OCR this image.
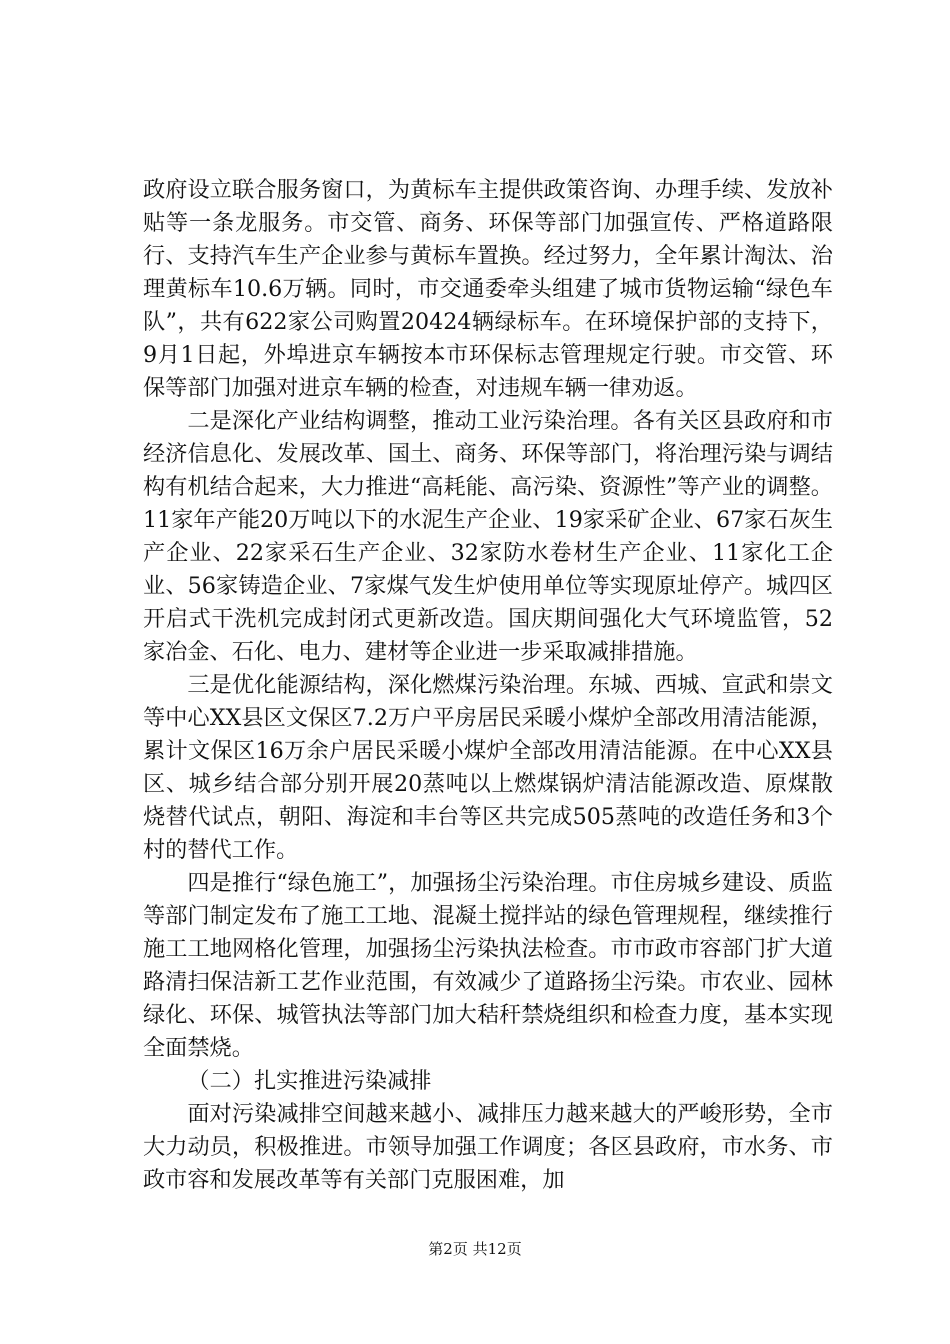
政府设立联合服务窗口，为黄标车主提供政策咨询、办理手续、发放补贴等一条龙服务。市交管、商务、环保等部门加强宣传、严格道路限行、支持汽车生产企业参与黄标车置换。经过努力，全年累计淘汰、治理黄标车10.6万辆。同时，市交通委牵头组建了城市货物运输“绿色车队”，共有622家公司购置20424辆绿标车。在环境保护部的支持下，9月1日起，外埠进京车辆按本市环保标志管理规定行驶。市交管、环保等部门加强对进京车辆的检查，对违规车辆一律劝返。

二是深化产业结构调整，推动工业污染治理。各有关区县政府和市经济信息化、发展改革、国土、商务、环保等部门，将治理污染与调结构有机结合起来，大力推进“高耗能、高污染、资源性”等产业的调整。11家年产能20万吨以下的水泥生产企业、19家采矿企业、67家石灰生产企业、22家采石生产企业、32家防水卷材生产企业、11家化工企业、56家铸造企业、7家煤气发生炉使用单位等实现原址停产。城四区开启式干洗机完成封闭式更新改造。国庆期间强化大气环境监管，52家冶金、石化、电力、建材等企业进一步采取减排措施。

三是优化能源结构，深化燃煤污染治理。东城、西城、宣武和崇文等中心XX县区文保区7.2万户平房居民采暖小煤炉全部改用清洁能源，累计文保区16万余户居民采暖小煤炉全部改用清洁能源。在中心XX县区、城乡结合部分别开展20蒸吨以上燃煤锅炉清洁能源改造、原煤散烧替代试点，朝阳、海淀和丰台等区共完成505蒸吨的改造任务和3个村的替代工作。

四是推行“绿色施工”，加强扬尘污染治理。市住房城乡建设、质监等部门制定发布了施工工地、混凝土搅拌站的绿色管理规程，继续推行施工工地网格化管理，加强扬尘污染执法检查。市市政市容部门扩大道路清扫保洁新工艺作业范围，有效减少了道路扬尘污染。市农业、园林绿化、环保、城管执法等部门加大秸秆禁烧组织和检查力度，基本实现全面禁烧。

（二）扎实推进污染减排

面对污染减排空间越来越小、减排压力越来越大的严峻形势，全市大力动员，积极推进。市领导加强工作调度；各区县政府，市水务、市政市容和发展改革等有关部门克服困难，加

第2页 共12页
